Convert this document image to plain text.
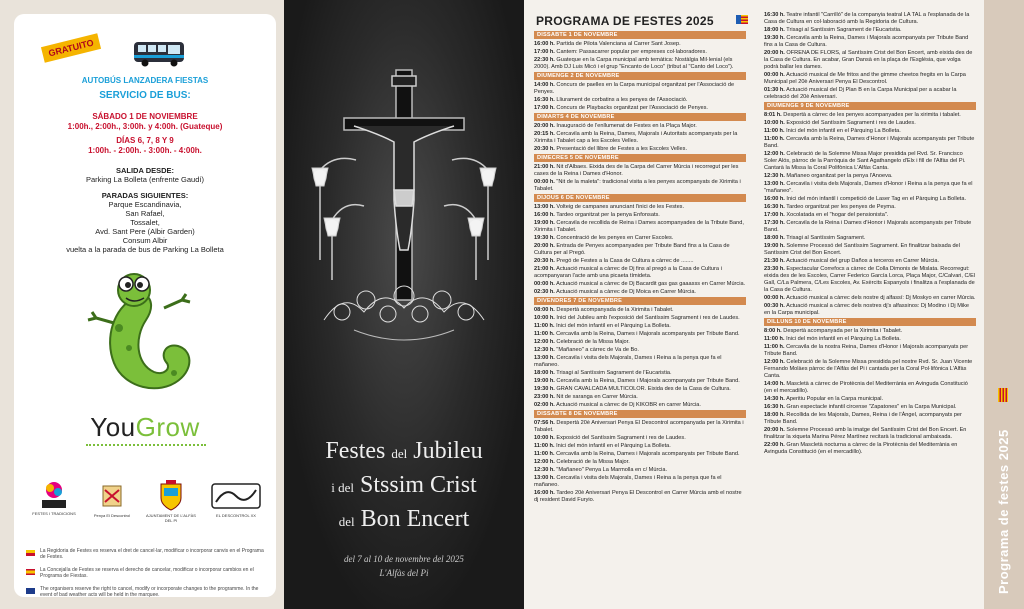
GRATUITO
AUTOBÚS LANZADERA FIESTAS
SERVICIO DE BUS:
SÁBADO 1 DE NOVIEMBRE
1:00h., 2:00h., 3:00h. y 4:00h. (Guateque)
DÍAS 6, 7, 8 Y 9
1:00h. - 2:00h. - 3:00h. - 4:00h.
SALIDA DESDE:
Parking La Bolleta (enfrente Gaudí)
PARADAS SIGUIENTES:
Parque Escandinavia,
San Rafael,
Tossalet,
Avd. Sant Pere (Albir Garden)
Consum Albir
vuelta a la parada de bus de Parking La Bolleta
YouGrow
FESTES I TRADICIONS	Penya El Descontrol	AJUNTAMENT DE L'ALFÀS DEL PI
EL DESCONTROL XX
La Regidoria de Festes es reserva el dret de cancel·lar, modificar o incorporar canvis en el Programa de Festes.
La Concejalía de Festes se reserva el derecho de cancelar, modificar o incorporar cambios en el Programa de Fiestas.
The organisers reserve the right to cancel, modify or incorporate changes to the programme. In the event of bad weather acts will be held in the marquee.
Festes del Jubileu
i del Stssim Crist
del Bon Encert
del 7 al 10 de novembre del 2025
L'Alfàs del Pi
PROGRAMA DE FESTES 2025
DISSABTE 1 DE NOVEMBRE
16:00 h. Partida de Pilota Valenciana al Carrer Sant Josep.
17:00 h. Cantem: Passacarrer popular per empreses col·laboradores.
22:30 h. Guateque en la Carpa municipal amb temàtica: Nostàlgia Mil·lenial (els 2000). Amb DJ Luis Micó i el grup "Encanto de Loco" (tribut al "Canto del Loco").
DIUMENGE 2 DE NOVEMBRE
14:00 h. Concurs de paelles en la Carpa municipal organitzat per l'Associació de Penyes.
16:30 h. Lliurament de corbatins a les penyes de l'Associació.
17:00 h. Concurs de Playbacks organitzat per l'Associació de Penyes.
DIMARTS 4 DE NOVEMBRE
20:00 h. Inauguració de l'enllumenat de Festes en la Plaça Major.
20:15 h. Cercavila amb la Reina, Dames, Majorals i Autoritats acompanyats per la Xirimita i Tabalet cap a les Escoles Velles.
20:30 h. Presentació del llibre de Festes a les Escoles Velles.
DIMECRES 5 DE NOVEMBRE
21:00 h. Nit d'Albaes. Eixida des de la Carpa del Carrer Múrcia i recorregut per les cases de la Reina i Dames d'Honor.
00:00 h. "Nit de la maleta": tradicional visita a les penyes acompanyats de Xirimita i Tabalet.
DIJOUS 6 DE NOVEMBRE
13:00 h. Volteig de campanes anunciant l'inici de les Festes.
16:00 h. Tardeo organitzat per la penya Enfonsats.
19:00 h. Cercavila de recollida de Reina i Dames acompanyades de la Tribute Band, Xirimita i Tabalet.
19:30 h. Concentració de les penyes en Carrer Escoles.
20:00 h. Entrada de Penyes acompanyades per Tribute Band fins a la Casa de Cultura per al Pregó.
20:30 h. Pregó de Festes a la Casa de Cultura a càrrec de ........
21:00 h. Actuació musical a càrrec de Dj fins al pregó a la Casa de Cultura i acompanyaran l'acte amb una picaeta tímideta.
00:00 h. Actuació musical a càrrec de Dj Bacardit gas gas gaaasss en Carrer Múrcia.
02:30 h. Actuació musical a càrrec de Dj Moica en Carrer Múrcia.
DIVENDRES 7 DE NOVEMBRE
08:00 h. Despertà acompanyada de la Xirimita i Tabalet.
10:00 h. Inici del Jubileu amb l'exposició del Santíssim Sagrament i res de Laudes.
11:00 h. Inici del món infantil en el Pàrquing La Bolleta.
11:00 h. Cercavila amb la Reina, Dames i Majorals acompanyats per Tribute Band.
12:00 h. Celebració de la Missa Major.
12:30 h. "Mañaneo" a càrrec de Va de Bo.
13:00 h. Cercavila i visita dels Majorals, Dames i Reina a la penya que fa el mañaneo.
18:00 h. Trisagi al Santíssim Sagrament de l'Eucaristia.
19:00 h. Cercavila amb la Reina, Dames i Majorals acompanyats per Tribute Band.
19:30 h. GRAN CAVALCADA MULTICOLOR. Eixida des de la Casa de Cultura.
23:00 h. Nit de xaranga en Carrer Múrcia.
02:00 h. Actuació musical a càrrec de Dj KIKOBR en carrer Múrcia.
DISSABTE 8 DE NOVEMBRE
07:56 h. Despertà 20è Aniversari Penya El Descontrol acompanyada per la Xirimita i Tabalet.
10:00 h. Exposició del Santíssim Sagrament i res de Laudes.
11:00 h. Inici del món infantil en el Pàrquing La Bolleta.
11:00 h. Cercavila amb la Reina, Dames i Majorals acompanyats per Tribute Band.
12:00 h. Celebració de la Missa Major.
12:30 h. "Mañaneo" Penya La Marmolla en c/ Múrcia.
13:00 h. Cercavila i visita dels Majorals, Dames i Reina a la penya que fa el mañaneo.
16:00 h. Tardeo 20è Aniversari Penya El Descontrol en Carrer Múrcia amb el nostre dj resident David Furyio.
16:30 h. Teatre infantil "Carrilló" de la companyia teatral LA TAL a l'esplanada de la Casa de Cultura en col·laboració amb la Regidoria de Cultura.
18:00 h. Trisagi al Santíssim Sagrament de l'Eucaristia.
19:30 h. Cercavila amb la Reina, Dames i Majorals acompanyats per Tribute Band fins a la Casa de Cultura.
20:00 h. OFRENA DE FLORS, al Santíssim Crist del Bon Encert, amb eixida des de la Casa de Cultura. En acabar, Gran Dansà en la plaça de l'Església, que volga podrà ballar les dames.
00:00 h. Actuació musical de Me fritos and the gimme cheetos fregits en la Carpa Municipal pel 20è Aniversari Penya El Descontrol.
01:30 h. Actuació musical del Dj Plan B en la Carpa Municipal per a acabar la celebració del 20è Aniversari.
DIUMENGE 9 DE NOVEMBRE
8:01 h. Despertà a càrrec de les penyes acompanyades per la xirimita i tabalet.
10:00 h. Exposició del Santíssim Sagrament i res de Laudes.
11:00 h. Inici del món infantil en el Pàrquing La Bolleta.
11:00 h. Cercavila amb la Reina, Dames d'Honor i Majorals acompanyats per Tribute Band.
12:00 h. Celebració de la Solemne Missa Major presidida pel Rvd. Sr. Francisco Soler Alós, pàrroc de la Parròquia de Sant Agathangelo d'Elx i fill de l'Alfàs del Pi. Cantarà la Missa la Coral Polifònica L'Alfàs Canta.
12:30 h. Mañaneo organitzat per la penya l'Anoeva.
13:00 h. Cercavila i visita dels Majorals, Dames d'Honor i Reina a la penya que fa el "mañaneo".
16:00 h. Inici del món infantil i competició de Laser Tag en el Pàrquing La Bolleta.
16:30 h. Tardeo organitzat per les penyes de Peyma.
17:00 h. Xocolatada en el "hogar del pensionista".
17:30 h. Cercavila de la Reina i Dames d'Honor i Majorals acompanyats per Tribute Band.
18:00 h. Trisagi al Santíssim Sagrament.
19:00 h. Solemne Processó del Santíssim Sagrament. En finalitzar baixada del Santíssim Crist del Bon Encert.
21:30 h. Actuació musical del grup Daños a terceros en Carrer Múrcia.
23:30 h. Espectacular Correfocs a càrrec de Colla Dimonis de Mislata. Recorregut: eixida des de les Escoles, Carrer Federico García Lorca, Plaça Major, C/Calvari, C/El Gall, C/La Palmera, C/Les Escoles, Av. Exèrcits Espanyols i finalitza a l'esplanada de la Casa de Cultura.
00:00 h. Actuació musical a càrrec dels nostre dj alfassí: Dj Moskyo en carrer Múrcia.
00:30 h. Actuació musical a càrrec dels nostres dj's alfassinos: Dj Modino i Dj Mike en la Carpa municipal.
DILLUNS 10 DE NOVEMBRE
8:00 h. Despertà acompanyada per la Xirimita i Tabalet.
11:00 h. Inici del món infantil en el Pàrquing La Bolleta.
11:00 h. Cercavila de la nostra Reina, Dames d'Honor i Majorals acompanyats per Tribute Band.
12:00 h. Celebració de la Solemne Missa presidida pel nostre Rvd. Sr. Juan Vicente Fernando Molàes pàrroc de l'Alfàs del Pi i cantada per la Coral Pol·lifònica L'Alfàs Canta.
14:00 h. Mascletà a càrrec de Pirotècnia del Mediterrània en Avinguda Constitució (en el mercadillo).
14:30 h. Aperitiu Popular en la Carpa municipal.
16:30 h. Gran espectacle infantil circense "Zapatones" en la Carpa Municipal.
18:00 h. Recollida de les Majorals, Dames, Reina i de l'Àngel, acompanyats per Tribute Band.
20:00 h. Solemne Processó amb la imatge del Santíssim Crist del Bon Encert. En finalitzar la xiqueta Marina Pérez Martínez recitarà la tradicional ambaixada.
22:00 h. Gran Mascletà nocturna a càrrec de la Pirotècnia del Mediterrània en Avinguda Constitució (en el mercadillo).	Programa de festes 2025
